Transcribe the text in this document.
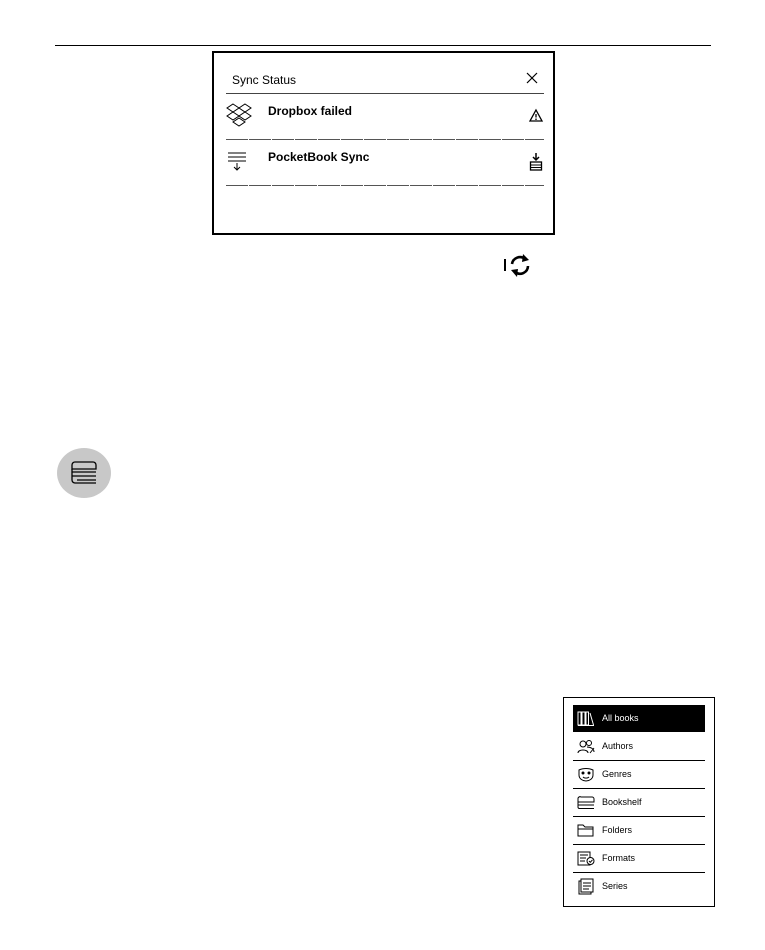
Sync Status
Dropbox failed
PocketBook Sync
All books
Authors
Genres
Bookshelf
Folders
Formats
Series
